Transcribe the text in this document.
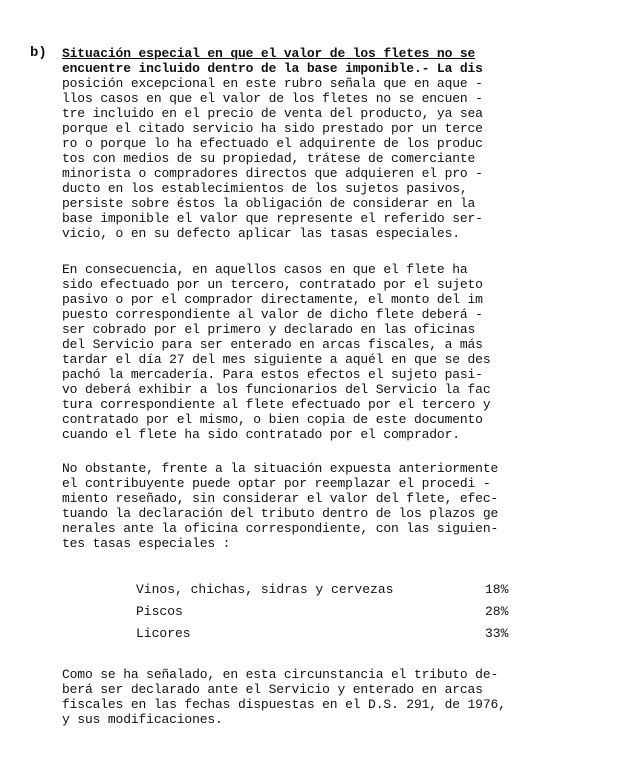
b) Situación especial en que el valor de los fletes no se
encuentre incluido dentro de la base imponible.- La dis
posición excepcional en este rubro señala que en aque -
llos casos en que el valor de los fletes no se encuen -
tre incluido en el precio de venta del producto, ya sea
porque el citado servicio ha sido prestado por un terce
ro o porque lo ha efectuado el adquirente de los produc
tos con medios de su propiedad, trátese de comerciante
minorista o compradores directos que adquieren el pro -
ducto en los establecimientos de los sujetos pasivos,
persiste sobre éstos la obligación de considerar en la
base imponible el valor que represente el referido ser-
vicio, o en su defecto aplicar las tasas especiales.
En consecuencia, en aquellos casos en que el flete ha
sido efectuado por un tercero, contratado por el sujeto
pasivo o por el comprador directamente, el monto del im
puesto correspondiente al valor de dicho flete deberá -
ser cobrado por el primero y declarado en las oficinas
del Servicio para ser enterado en arcas fiscales, a más
tardar el día 27 del mes siguiente a aquél en que se des
pachó la mercadería. Para estos efectos el sujeto pasi-
vo deberá exhibir a los funcionarios del Servicio la fac
tura correspondiente al flete efectuado por el tercero y
contratado por el mismo, o bien copia de este documento
cuando el flete ha sido contratado por el comprador.
No obstante, frente a la situación expuesta anteriormente
el contribuyente puede optar por reemplazar el procedi -
miento reseñado, sin considerar el valor del flete, efec-
tuando la declaración del tributo dentro de los plazos ge
nerales ante la oficina correspondiente, con las siguien-
tes tasas especiales :
Vinos, chichas, sidras y cervezas	18%
Piscos	28%
Licores	33%
Como se ha señalado, en esta circunstancia el tributo de-
berá ser declarado ante el Servicio y enterado en arcas
fiscales en las fechas dispuestas en el D.S. 291, de 1976,
y sus modificaciones.
